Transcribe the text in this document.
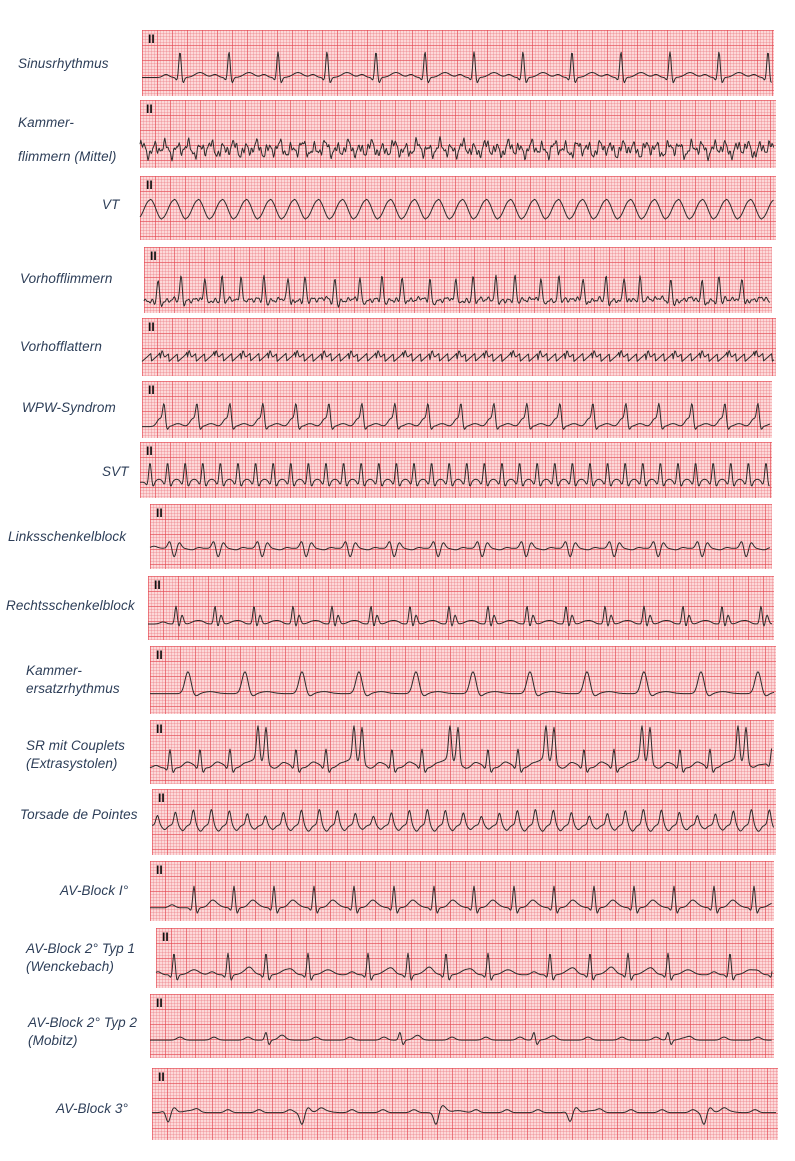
Sinusrhythmus
II
Kammer-
flimmern (Mittel)
II
VT
II
Vorhofflimmern
II
Vorhofflattern
II
WPW-Syndrom
II
SVT
II
Linksschenkelblock
II
Rechtsschenkelblock
II
Kammer-
ersatzrhythmus
II
SR mit Couplets
(Extrasystolen)
II
Torsade de Pointes
II
AV-Block I°
II
AV-Block 2° Typ 1
(Wenckebach)
II
AV-Block 2° Typ 2
(Mobitz)
II
AV-Block 3°
II
